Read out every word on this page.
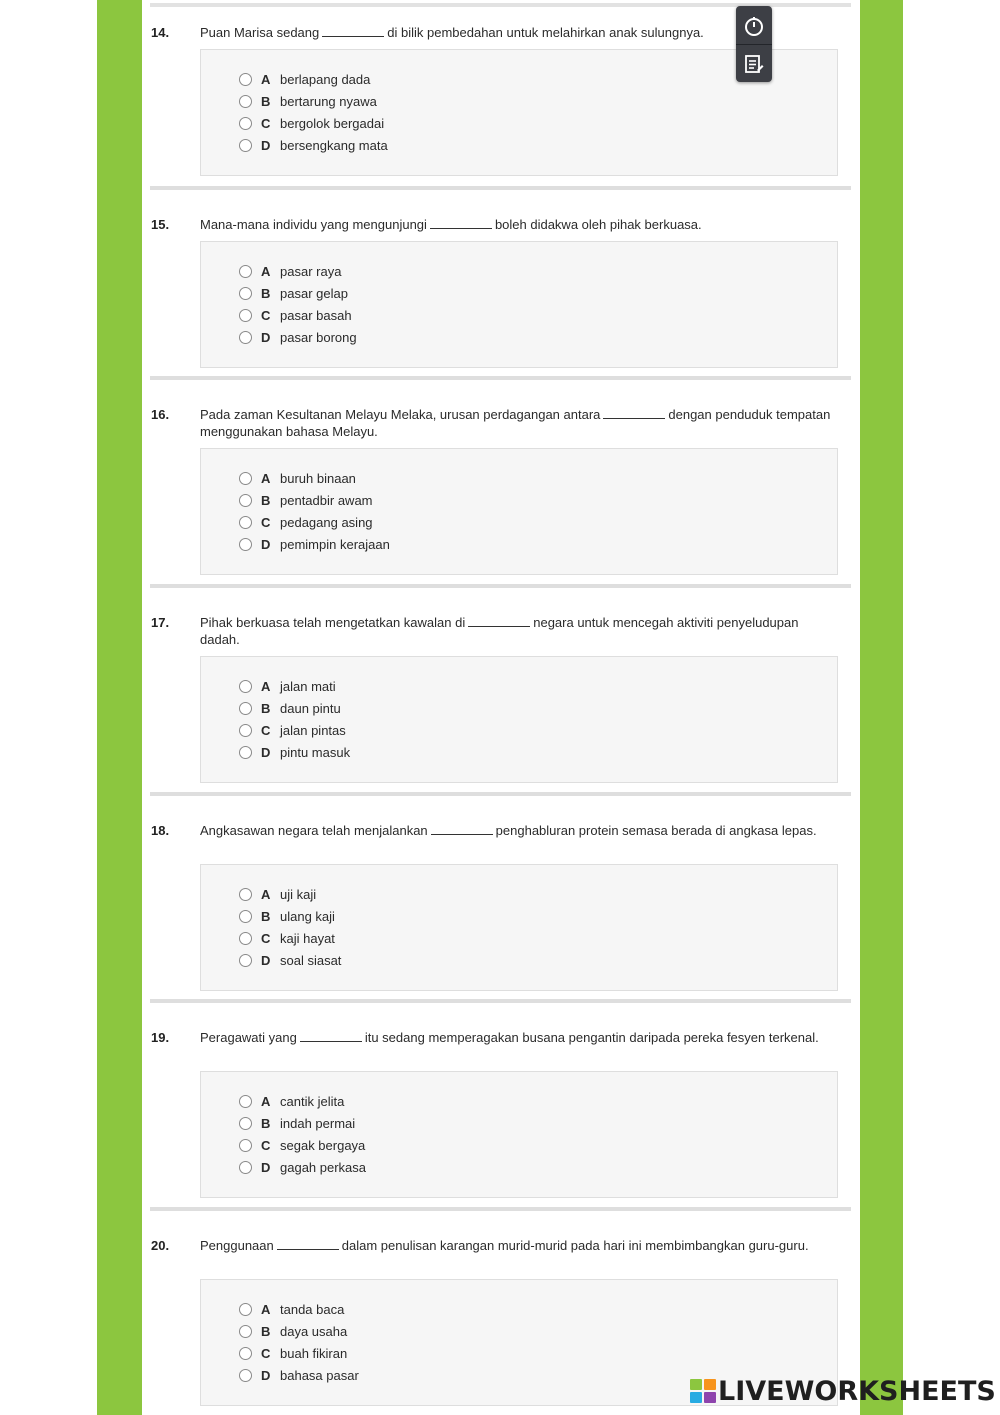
14. Puan Marisa sedang	di bilik pembedahan untuk melahirkan anak sulungnya.
A berlapang dada
B bertarung nyawa
C bergolok bergadai
D bersengkang mata
15. Mana-mana individu yang mengunjungi	boleh didakwa oleh pihak berkuasa.
A pasar raya
B pasar gelap
C pasar basah
D pasar borong
16. Pada zaman Kesultanan Melayu Melaka, urusan perdagangan antara	dengan penduduk tempatan menggunakan bahasa Melayu.
A buruh binaan
B pentadbir awam
C pedagang asing
D pemimpin kerajaan
17. Pihak berkuasa telah mengetatkan kawalan di	negara untuk mencegah aktiviti penyeludupan dadah.
A jalan mati
B daun pintu
C jalan pintas
D pintu masuk
18. Angkasawan negara telah menjalankan	penghabluran protein semasa berada di angkasa lepas.
A uji kaji
B ulang kaji
C kaji hayat
D soal siasat
19. Peragawati yang	itu sedang memperagakan busana pengantin daripada pereka fesyen terkenal.
A cantik jelita
B indah permai
C segak bergaya
D gagah perkasa
20. Penggunaan	dalam penulisan karangan murid-murid pada hari ini membimbangkan guru-guru.
A tanda baca
B daya usaha
C buah fikiran
D bahasa pasar	LIVEWORKSHEETS
